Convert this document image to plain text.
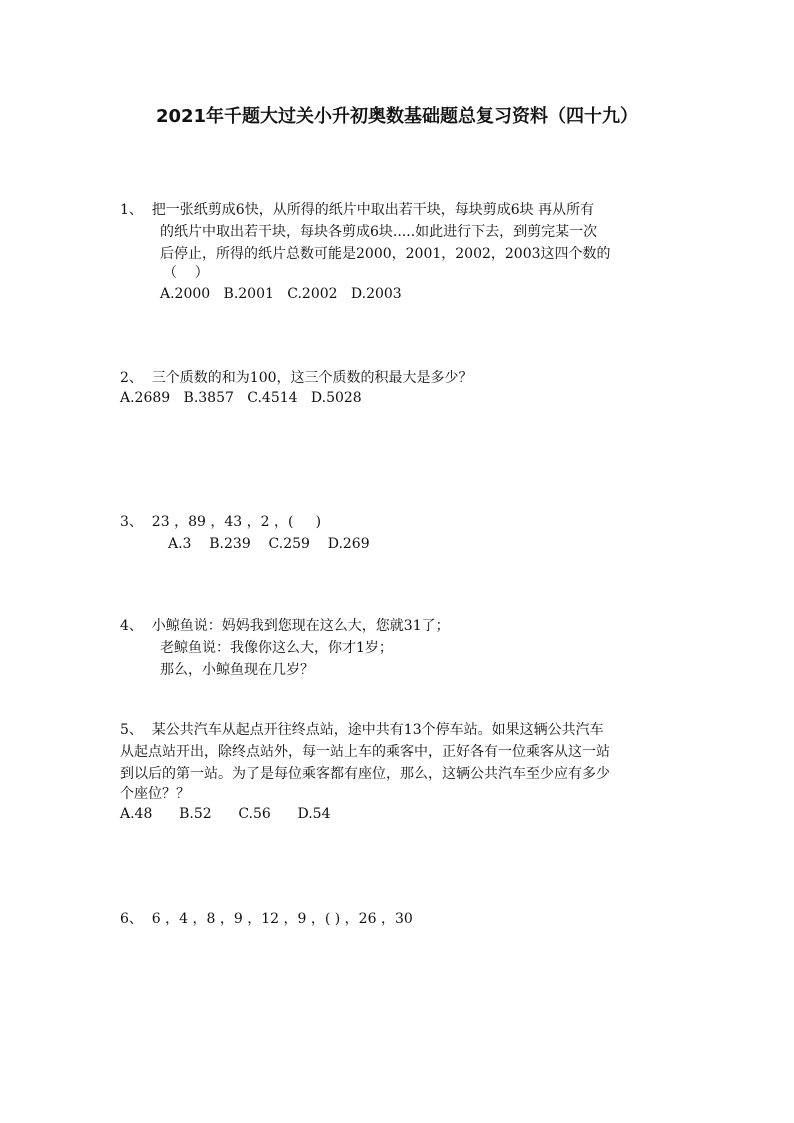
2021年千题大过关小升初奥数基础题总复习资料（四十九）
1、  把一张纸剪成6快，从所得的纸片中取出若干块，每块剪成6块 再从所有
的纸片中取出若干块，每块各剪成6块.....如此进行下去，到剪完某一次
后停止，所得的纸片总数可能是2000，2001，2002，2003这四个数的
（    ）
A.2000   B.2001   C.2002   D.2003
2、  三个质数的和为100，这三个质数的积最大是多少？
A.2689   B.3857   C.4514   D.5028
3、  23 ，89 ，43 ，2 ，(     )
A.3    B.239    C.259    D.269
4、  小鲸鱼说：妈妈我到您现在这么大，您就31了；
老鲸鱼说：我像你这么大，你才1岁；
那么，小鲸鱼现在几岁？
5、  某公共汽车从起点开往终点站，途中共有13个停车站。如果这辆公共汽车
从起点站开出，除终点站外，每一站上车的乘客中，正好各有一位乘客从这一站
到以后的第一站。为了是每位乘客都有座位，那么，这辆公共汽车至少应有多少
个座位？？
A.48      B.52      C.56      D.54
6、  6 ，4 ，8 ，9 ，12 ，9 ，( ) ，26 ，30
